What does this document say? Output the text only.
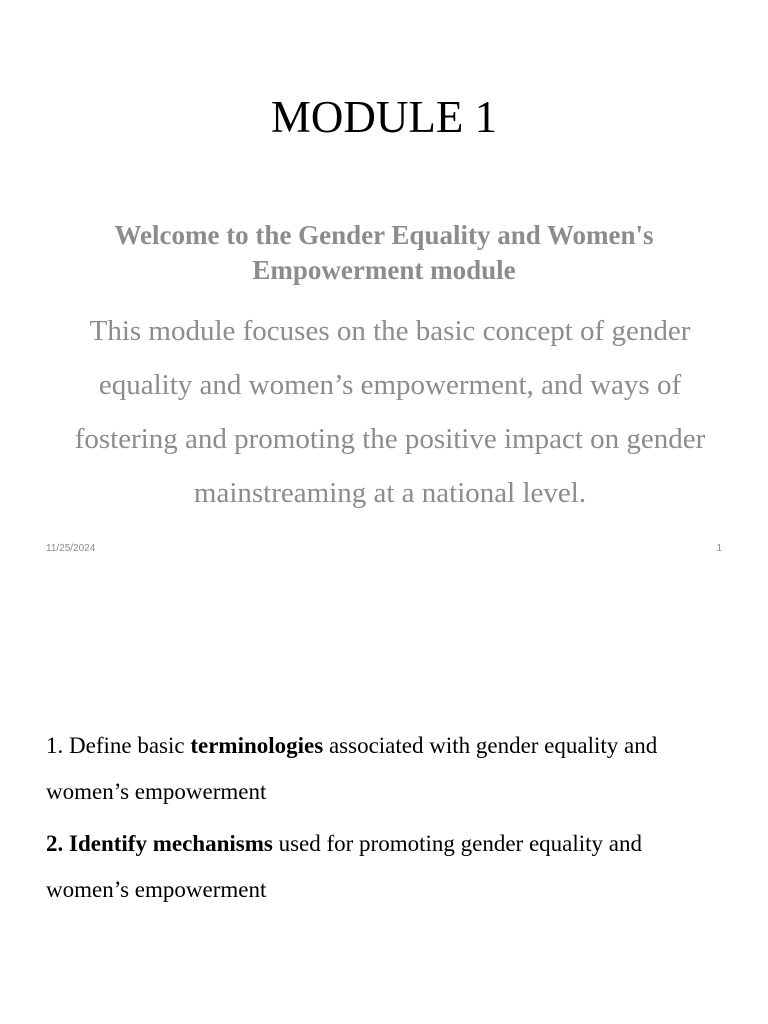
MODULE 1

Welcome to the Gender Equality and Women's Empowerment module

This module focuses on the basic concept of gender equality and women’s empowerment, and ways of fostering and promoting the positive impact on gender mainstreaming at a national level.

11/25/2024	1
1. Define basic terminologies associated with gender equality and women’s empowerment
2. Identify mechanisms used for promoting gender equality and women’s empowerment
